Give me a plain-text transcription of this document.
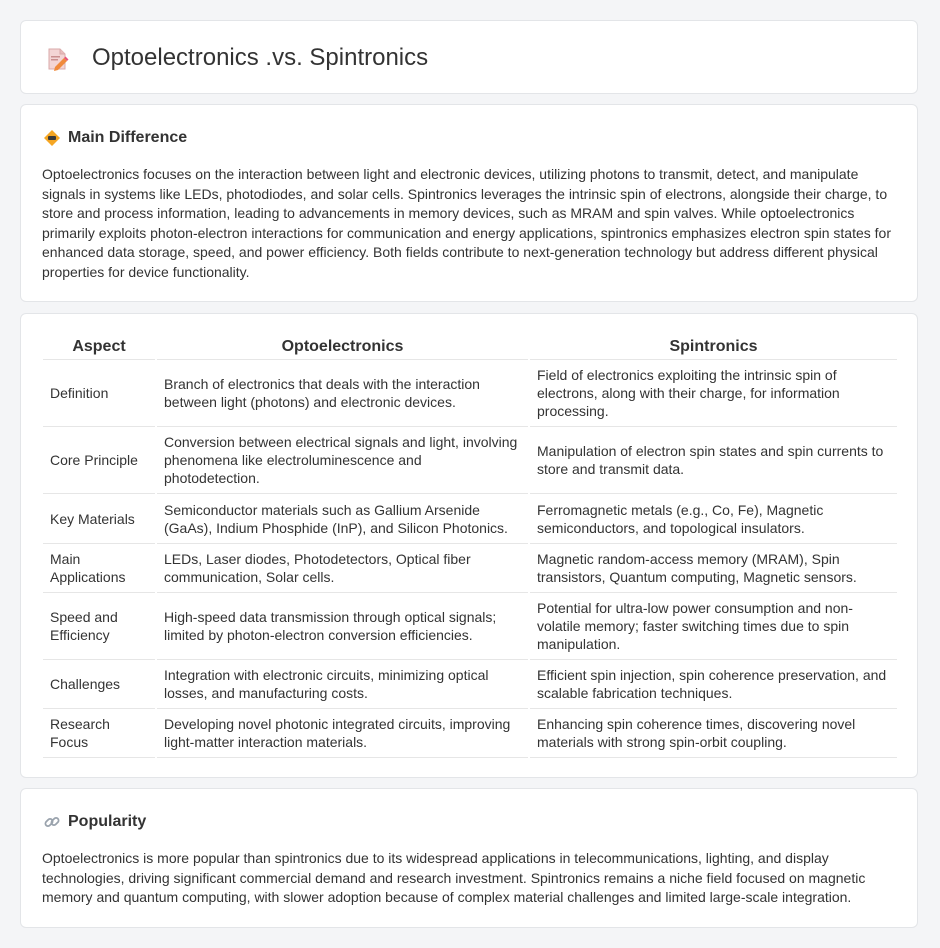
Optoelectronics .vs. Spintronics
Main Difference

Optoelectronics focuses on the interaction between light and electronic devices, utilizing photons to transmit, detect, and manipulate signals in systems like LEDs, photodiodes, and solar cells. Spintronics leverages the intrinsic spin of electrons, alongside their charge, to store and process information, leading to advancements in memory devices, such as MRAM and spin valves. While optoelectronics primarily exploits photon-electron interactions for communication and energy applications, spintronics emphasizes electron spin states for enhanced data storage, speed, and power efficiency. Both fields contribute to next-generation technology but address different physical properties for device functionality.

Aspect	Optoelectronics	Spintronics
Definition	Branch of electronics that deals with the interaction between light (photons) and electronic devices.	Field of electronics exploiting the intrinsic spin of electrons, along with their charge, for information processing.
Core Principle	Conversion between electrical signals and light, involving phenomena like electroluminescence and photodetection.	Manipulation of electron spin states and spin currents to store and transmit data.
Key Materials	Semiconductor materials such as Gallium Arsenide (GaAs), Indium Phosphide (InP), and Silicon Photonics.	Ferromagnetic metals (e.g., Co, Fe), Magnetic semiconductors, and topological insulators.
Main Applications	LEDs, Laser diodes, Photodetectors, Optical fiber communication, Solar cells.	Magnetic random-access memory (MRAM), Spin transistors, Quantum computing, Magnetic sensors.
Speed and Efficiency	High-speed data transmission through optical signals; limited by photon-electron conversion efficiencies.	Potential for ultra-low power consumption and non-volatile memory; faster switching times due to spin manipulation.
Challenges	Integration with electronic circuits, minimizing optical losses, and manufacturing costs.	Efficient spin injection, spin coherence preservation, and scalable fabrication techniques.
Research Focus	Developing novel photonic integrated circuits, improving light-matter interaction materials.	Enhancing spin coherence times, discovering novel materials with strong spin-orbit coupling.
Popularity

Optoelectronics is more popular than spintronics due to its widespread applications in telecommunications, lighting, and display technologies, driving significant commercial demand and research investment. Spintronics remains a niche field focused on magnetic memory and quantum computing, with slower adoption because of complex material challenges and limited large-scale integration.
